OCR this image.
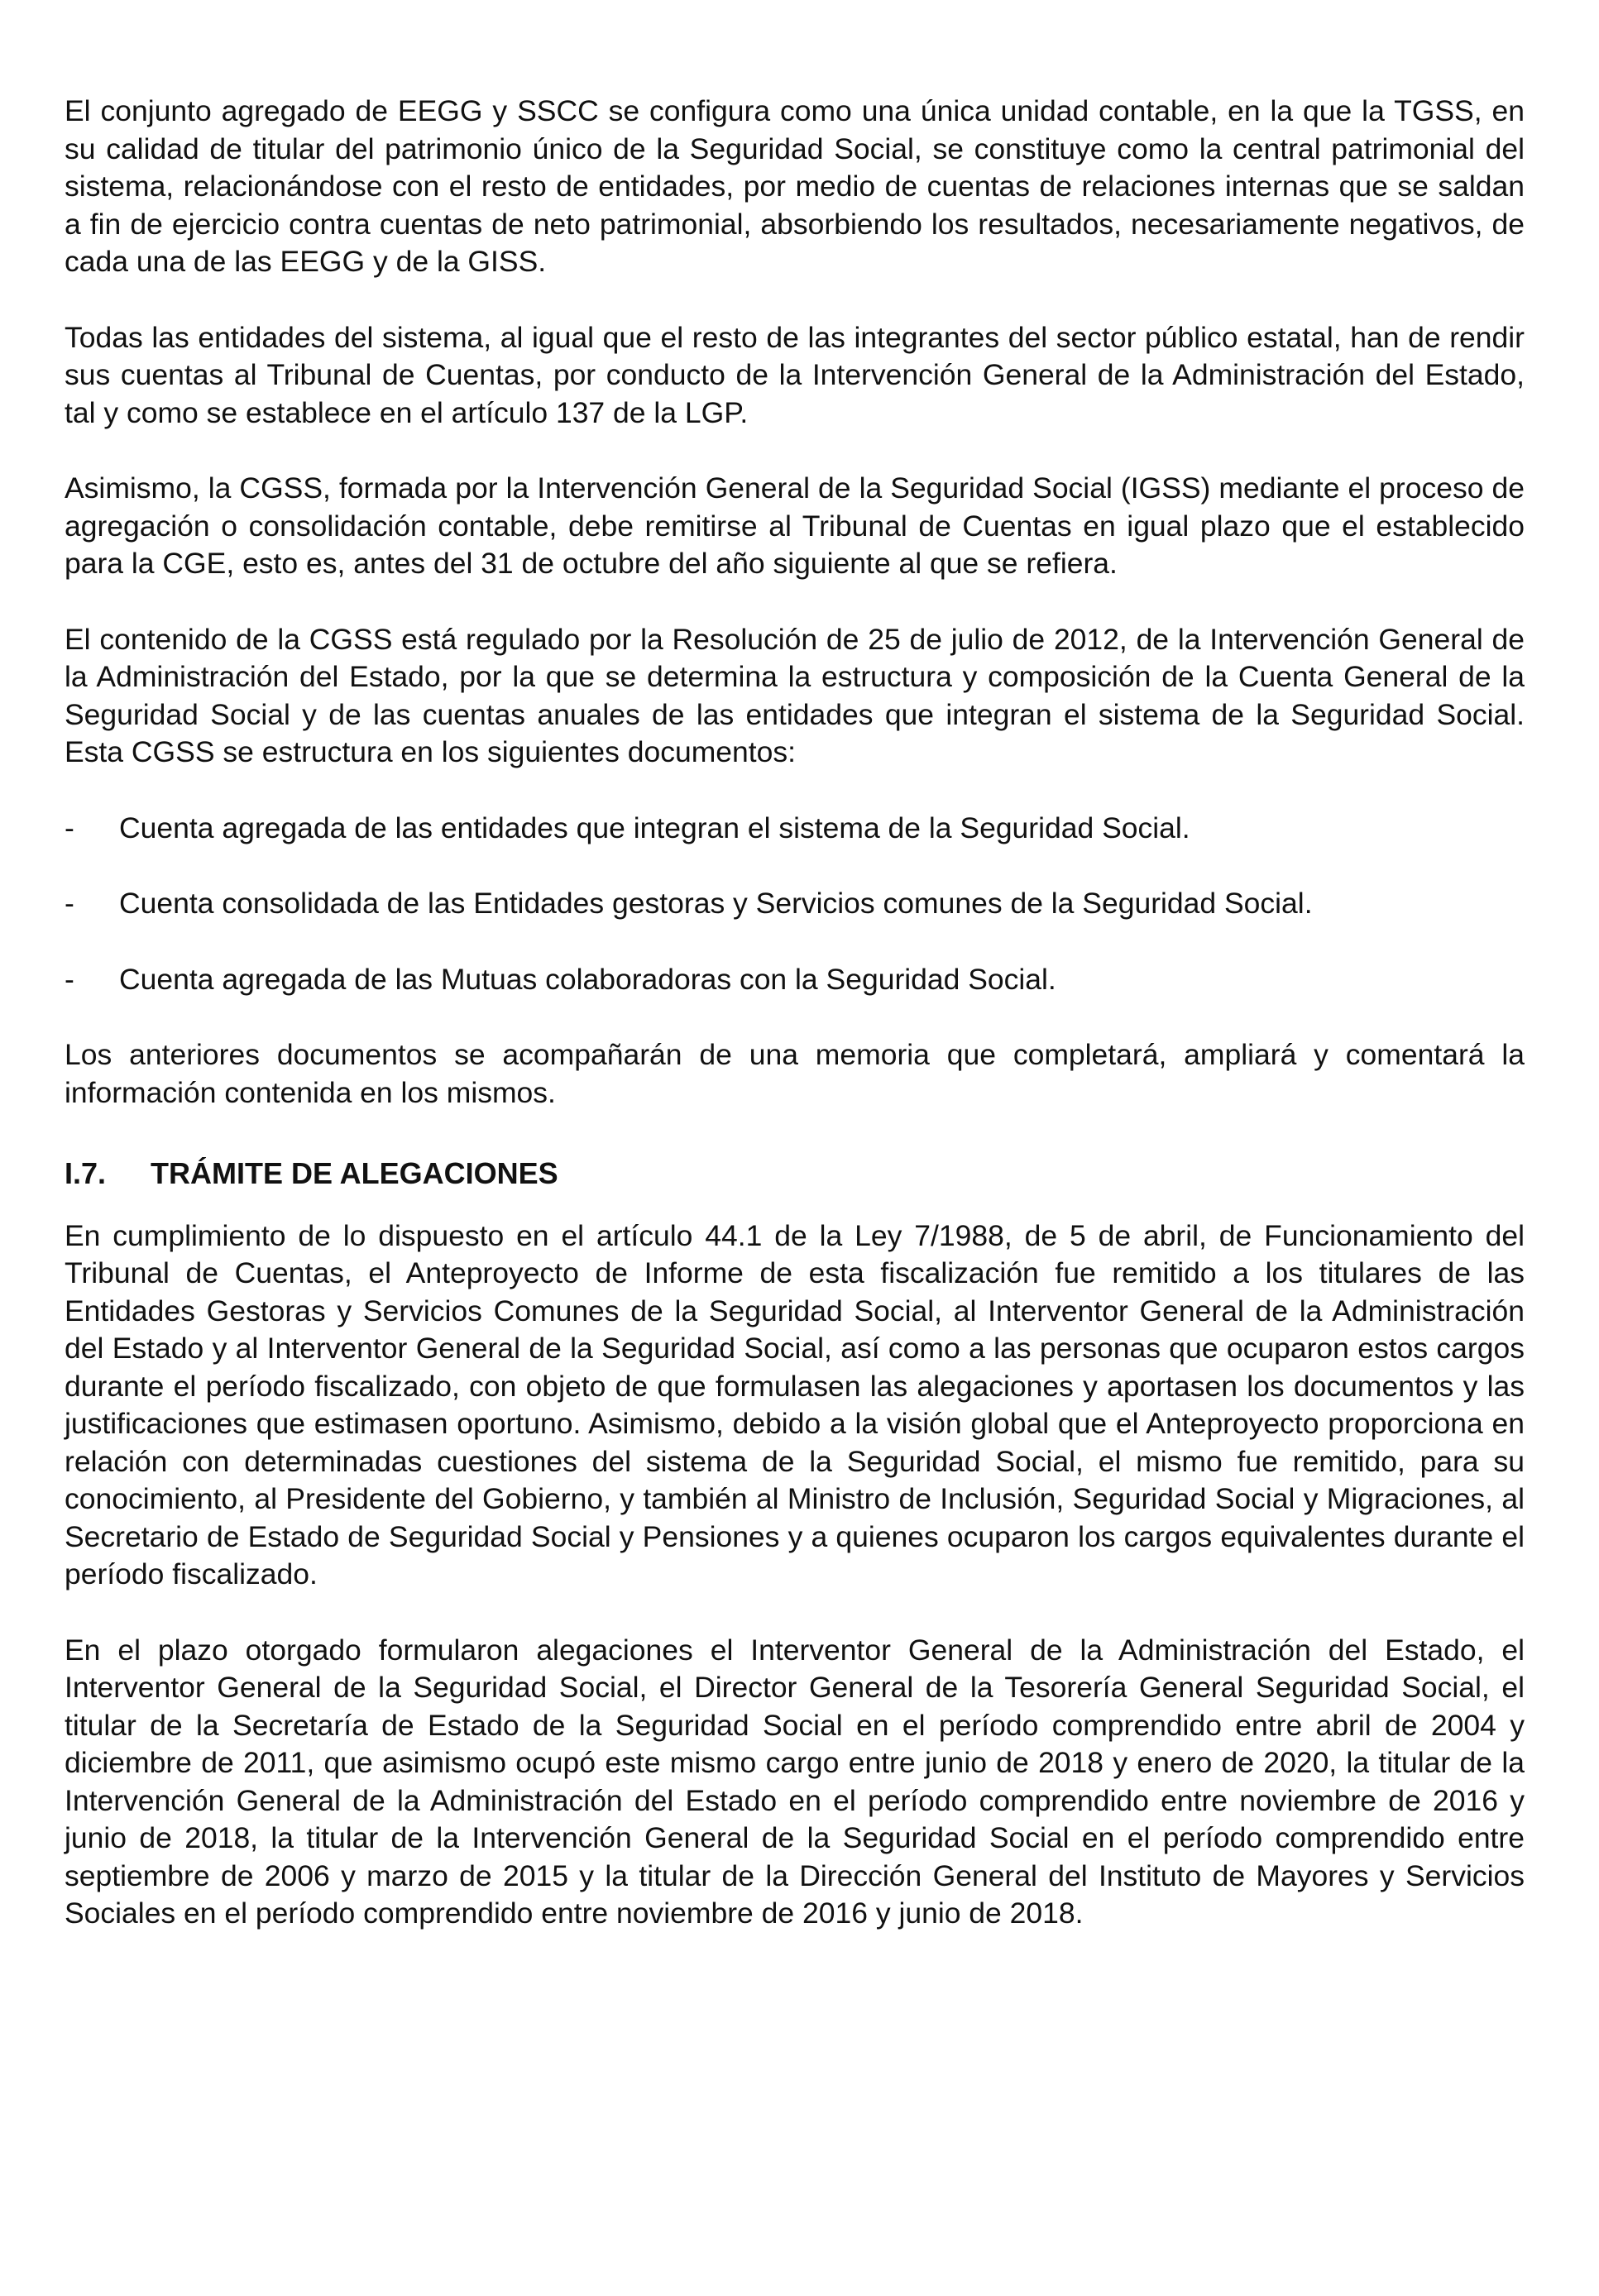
El conjunto agregado de EEGG y SSCC se configura como una única unidad contable, en la que la TGSS, en su calidad de titular del patrimonio único de la Seguridad Social, se constituye como la central patrimonial del sistema, relacionándose con el resto de entidades, por medio de cuentas de relaciones internas que se saldan a fin de ejercicio contra cuentas de neto patrimonial, absorbiendo los resultados, necesariamente negativos, de cada una de las EEGG y de la GISS.

Todas las entidades del sistema, al igual que el resto de las integrantes del sector público estatal, han de rendir sus cuentas al Tribunal de Cuentas, por conducto de la Intervención General de la Administración del Estado, tal y como se establece en el artículo 137 de la LGP.

Asimismo, la CGSS, formada por la Intervención General de la Seguridad Social (IGSS) mediante el proceso de agregación o consolidación contable, debe remitirse al Tribunal de Cuentas en igual plazo que el establecido para la CGE, esto es, antes del 31 de octubre del año siguiente al que se refiera.

El contenido de la CGSS está regulado por la Resolución de 25 de julio de 2012, de la Intervención General de la Administración del Estado, por la que se determina la estructura y composición de la Cuenta General de la Seguridad Social y de las cuentas anuales de las entidades que integran el sistema de la Seguridad Social. Esta CGSS se estructura en los siguientes documentos:

-	Cuenta agregada de las entidades que integran el sistema de la Seguridad Social.
-	Cuenta consolidada de las Entidades gestoras y Servicios comunes de la Seguridad Social.
-	Cuenta agregada de las Mutuas colaboradoras con la Seguridad Social.

Los anteriores documentos se acompañarán de una memoria que completará, ampliará y comentará la información contenida en los mismos.

I.7.	TRÁMITE DE ALEGACIONES

En cumplimiento de lo dispuesto en el artículo 44.1 de la Ley 7/1988, de 5 de abril, de Funcionamiento del Tribunal de Cuentas, el Anteproyecto de Informe de esta fiscalización fue remitido a los titulares de las Entidades Gestoras y Servicios Comunes de la Seguridad Social, al Interventor General de la Administración del Estado y al Interventor General de la Seguridad Social, así como a las personas que ocuparon estos cargos durante el período fiscalizado, con objeto de que formulasen las alegaciones y aportasen los documentos y las justificaciones que estimasen oportuno. Asimismo, debido a la visión global que el Anteproyecto proporciona en relación con determinadas cuestiones del sistema de la Seguridad Social, el mismo fue remitido, para su conocimiento, al Presidente del Gobierno, y también al Ministro de Inclusión, Seguridad Social y Migraciones, al Secretario de Estado de Seguridad Social y Pensiones y a quienes ocuparon los cargos equivalentes durante el período fiscalizado.

En el plazo otorgado formularon alegaciones el Interventor General de la Administración del Estado, el Interventor General de la Seguridad Social, el Director General de la Tesorería General Seguridad Social, el titular de la Secretaría de Estado de la Seguridad Social en el período comprendido entre abril de 2004 y diciembre de 2011, que asimismo ocupó este mismo cargo entre junio de 2018 y enero de 2020, la titular de la Intervención General de la Administración del Estado en el período comprendido entre noviembre de 2016 y junio de 2018, la titular de la Intervención General de la Seguridad Social en el período comprendido entre septiembre de 2006 y marzo de 2015 y la titular de la Dirección General del Instituto de Mayores y Servicios Sociales en el período comprendido entre noviembre de 2016 y junio de 2018.
